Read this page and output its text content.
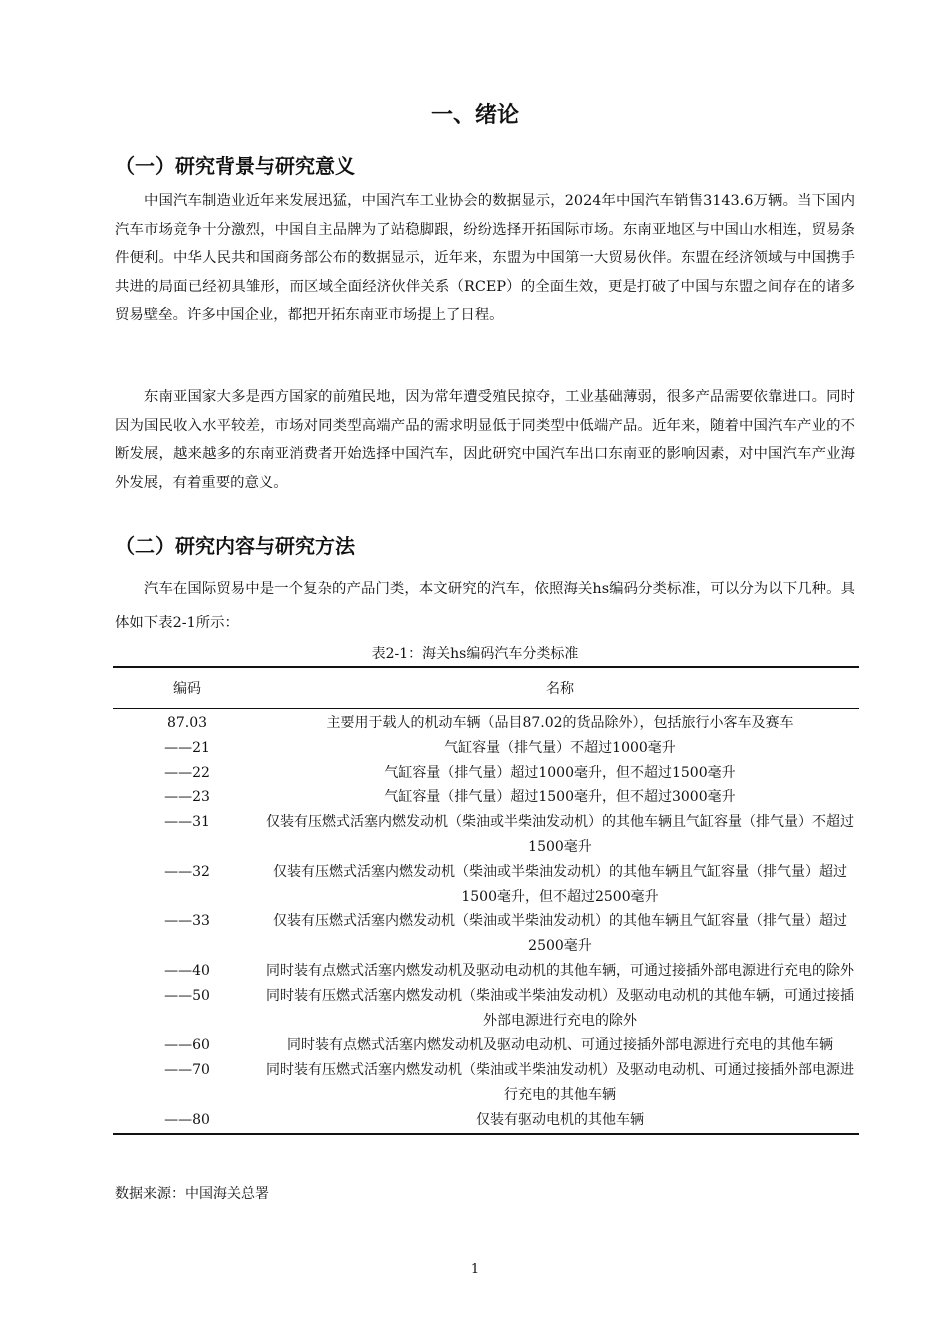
一、绪论
（一）研究背景与研究意义

中国汽车制造业近年来发展迅猛，中国汽车工业协会的数据显示，2024年中国汽车销售3143.6万辆。当下国内汽车市场竞争十分激烈，中国自主品牌为了站稳脚跟，纷纷选择开拓国际市场。东南亚地区与中国山水相连，贸易条件便利。中华人民共和国商务部公布的数据显示，近年来，东盟为中国第一大贸易伙伴。东盟在经济领域与中国携手共进的局面已经初具雏形，而区域全面经济伙伴关系（RCEP）的全面生效，更是打破了中国与东盟之间存在的诸多贸易壁垒。许多中国企业，都把开拓东南亚市场提上了日程。

东南亚国家大多是西方国家的前殖民地，因为常年遭受殖民掠夺，工业基础薄弱，很多产品需要依靠进口。同时因为国民收入水平较差，市场对同类型高端产品的需求明显低于同类型中低端产品。近年来，随着中国汽车产业的不断发展，越来越多的东南亚消费者开始选择中国汽车，因此研究中国汽车出口东南亚的影响因素，对中国汽车产业海外发展，有着重要的意义。

（二）研究内容与研究方法

汽车在国际贸易中是一个复杂的产品门类，本文研究的汽车，依照海关hs编码分类标准，可以分为以下几种。具体如下表2-1所示：

表2-1：海关hs编码汽车分类标准
编码	名称
87.03	主要用于载人的机动车辆（品目87.02的货品除外），包括旅行小客车及赛车
——21	气缸容量（排气量）不超过1000毫升
——22	气缸容量（排气量）超过1000毫升，但不超过1500毫升
——23	气缸容量（排气量）超过1500毫升，但不超过3000毫升
——31	仅装有压燃式活塞内燃发动机（柴油或半柴油发动机）的其他车辆且气缸容量（排气量）不超过1500毫升
——32	仅装有压燃式活塞内燃发动机（柴油或半柴油发动机）的其他车辆且气缸容量（排气量）超过1500毫升，但不超过2500毫升
——33	仅装有压燃式活塞内燃发动机（柴油或半柴油发动机）的其他车辆且气缸容量（排气量）超过2500毫升
——40	同时装有点燃式活塞内燃发动机及驱动电动机的其他车辆，可通过接插外部电源进行充电的除外
——50	同时装有压燃式活塞内燃发动机（柴油或半柴油发动机）及驱动电动机的其他车辆，可通过接插外部电源进行充电的除外
——60	同时装有点燃式活塞内燃发动机及驱动电动机、可通过接插外部电源进行充电的其他车辆
——70	同时装有压燃式活塞内燃发动机（柴油或半柴油发动机）及驱动电动机、可通过接插外部电源进行充电的其他车辆
——80	仅装有驱动电机的其他车辆
数据来源：中国海关总署
1
